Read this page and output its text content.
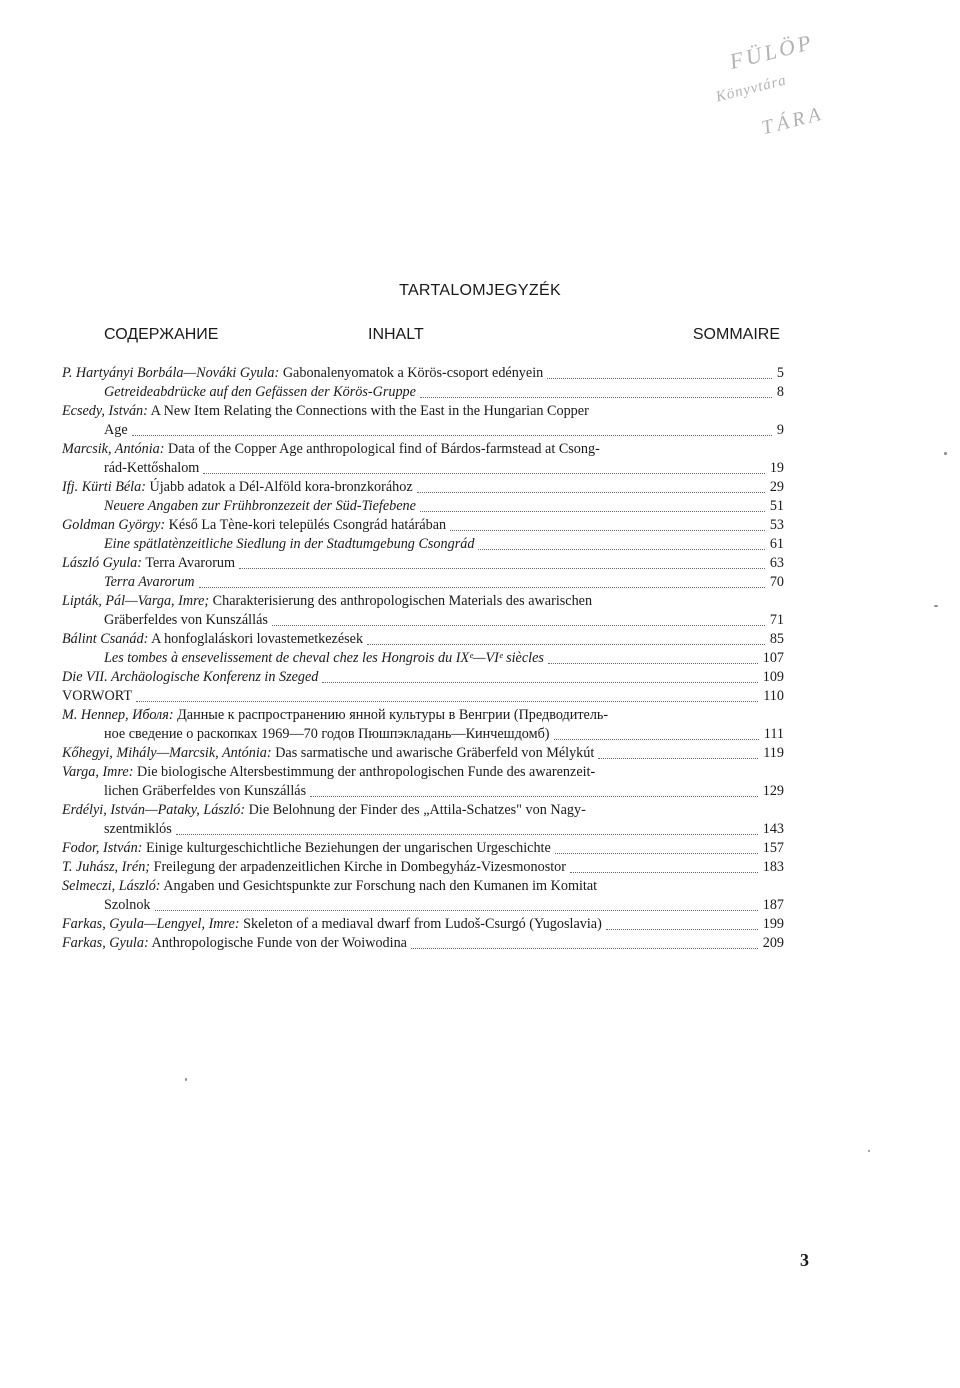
FÜLÖP
Könyvtára
TÁRA
TARTALOMJEGYZÉK
СОДЕРЖАНИЕ	INHALT	SOMMAIRE
P. Hartyányi Borbála—Nováki Gyula: Gabonalenyomatok a Körös-csoport edényein	5
Getreideabdrücke auf den Gefässen der Körös-Gruppe	8
Ecsedy, István: A New Item Relating the Connections with the East in the Hungarian Copper
Age	9
Marcsik, Antónia: Data of the Copper Age anthropological find of Bárdos-farmstead at Csong-
rád-Kettőshalom	19
Ifj. Kürti Béla: Újabb adatok a Dél-Alföld kora-bronzkorához	29
Neuere Angaben zur Frühbronzezeit der Süd-Tiefebene	51
Goldman György: Késő La Tène-kori település Csongrád határában	53
Eine spätlatènzeitliche Siedlung in der Stadtumgebung Csongrád	61
László Gyula: Terra Avarorum	63
Terra Avarorum	70
Lipták, Pál—Varga, Imre; Charakterisierung des anthropologischen Materials des awarischen
Gräberfeldes von Kunszállás	71
Bálint Csanád: A honfoglaláskori lovastemetkezések	85
Les tombes à ensevelissement de cheval chez les Hongrois du IXᵉ—VIᵉ siècles	107
Die VII. Archäologische Konferenz in Szeged	109
VORWORT	110
M. Hennep, Иболя: Данные к распространению янной культуры в Венгрии (Предводитель-
ное сведение о раскопках 1969—70 годов Пюшпэкладань—Кинчешдомб)	111
Kőhegyi, Mihály—Marcsik, Antónia: Das sarmatische und awarische Gräberfeld von Mélykút	119
Varga, Imre: Die biologische Altersbestimmung der anthropologischen Funde des awarenzeit-
lichen Gräberfeldes von Kunszállás	129
Erdélyi, István—Pataky, László: Die Belohnung der Finder des „Attila-Schatzes" von Nagy-
szentmiklós	143
Fodor, István: Einige kulturgeschichtliche Beziehungen der ungarischen Urgeschichte	157
T. Juhász, Irén; Freilegung der arpadenzeitlichen Kirche in Dombegyház-Vizesmonostor	183
Selmeczi, László: Angaben und Gesichtspunkte zur Forschung nach den Kumanen im Komitat
Szolnok	187
Farkas, Gyula—Lengyel, Imre: Skeleton of a mediaval dwarf from Ludoš-Csurgó (Yugoslavia)	199
Farkas, Gyula: Anthropologische Funde von der Woiwodina	209
3
